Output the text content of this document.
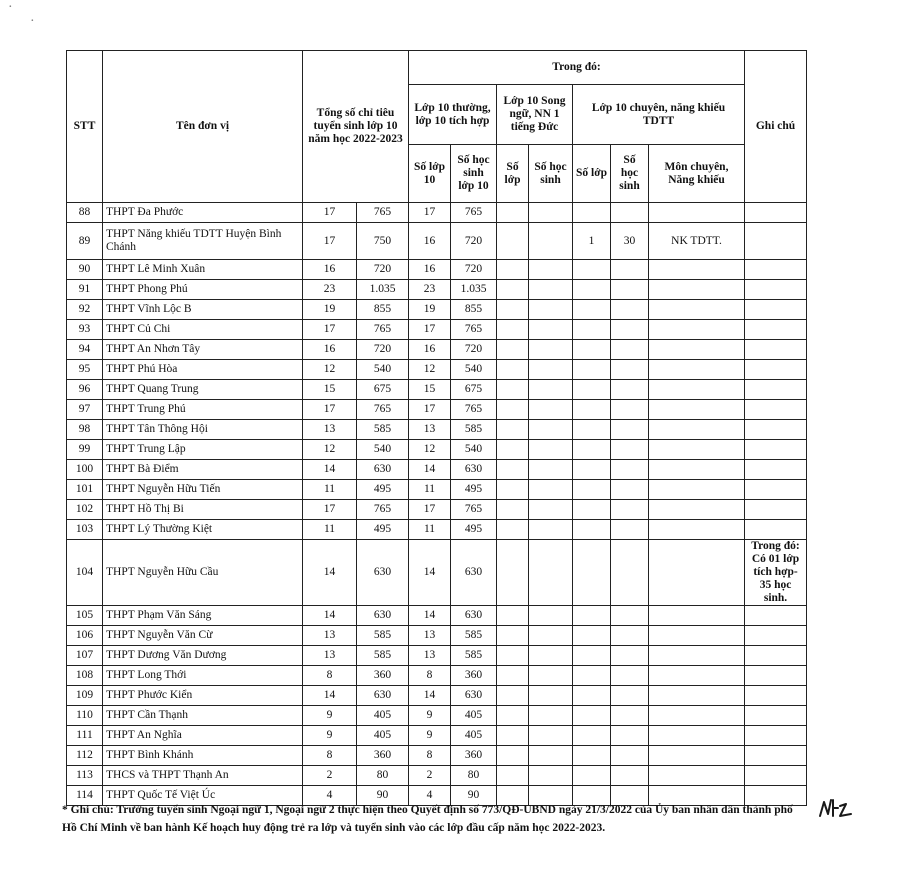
·
·
STT	Tên đơn vị	Tổng số chỉ tiêu tuyển sinh lớp 10 năm học 2022-2023		Trong đó:							Ghi chú
				Lớp 10 thường, lớp 10 tích hợp		Lớp 10 Song ngữ, NN 1 tiếng Đức		Lớp 10 chuyên, năng khiếu TDTT			
				Số lớp 10	Số học sinh lớp 10	Số lớp	Số học sinh	Số lớp	Số học sinh	Môn chuyên, Năng khiếu	
88	THPT Đa Phước	17	765	17	765						
89	THPT Năng khiếu TDTT Huyện Bình Chánh	17	750	16	720			1	30	NK TDTT.	
90	THPT Lê Minh Xuân	16	720	16	720						
91	THPT Phong Phú	23	1.035	23	1.035						
92	THPT Vĩnh Lộc B	19	855	19	855						
93	THPT Củ Chi	17	765	17	765						
94	THPT An Nhơn Tây	16	720	16	720						
95	THPT Phú Hòa	12	540	12	540						
96	THPT Quang Trung	15	675	15	675						
97	THPT Trung Phú	17	765	17	765						
98	THPT Tân Thông Hội	13	585	13	585						
99	THPT Trung Lập	12	540	12	540						
100	THPT Bà Điểm	14	630	14	630						
101	THPT Nguyễn Hữu Tiến	11	495	11	495						
102	THPT Hồ Thị Bi	17	765	17	765						
103	THPT Lý Thường Kiệt	11	495	11	495						
104	THPT Nguyễn Hữu Cầu	14	630	14	630						Trong đó: Có 01 lớp tích hợp- 35 học sinh.
105	THPT Phạm Văn Sáng	14	630	14	630						
106	THPT Nguyễn Văn Cừ	13	585	13	585						
107	THPT Dương Văn Dương	13	585	13	585						
108	THPT Long Thới	8	360	8	360						
109	THPT Phước Kiển	14	630	14	630						
110	THPT Cần Thạnh	9	405	9	405						
111	THPT An Nghĩa	9	405	9	405						
112	THPT Bình Khánh	8	360	8	360						
113	THCS và THPT Thạnh An	2	80	2	80						
114	THPT Quốc Tế Việt Úc	4	90	4	90						
* Ghi chú: Trường tuyển sinh Ngoại ngữ 1, Ngoại ngữ 2 thực hiện theo Quyết định số 773/QĐ-UBND ngày 21/3/2022 của Ủy ban nhân dân thành phố
Hồ Chí Minh về ban hành Kế hoạch huy động trẻ ra lớp và tuyển sinh vào các lớp đầu cấp năm học 2022-2023.
